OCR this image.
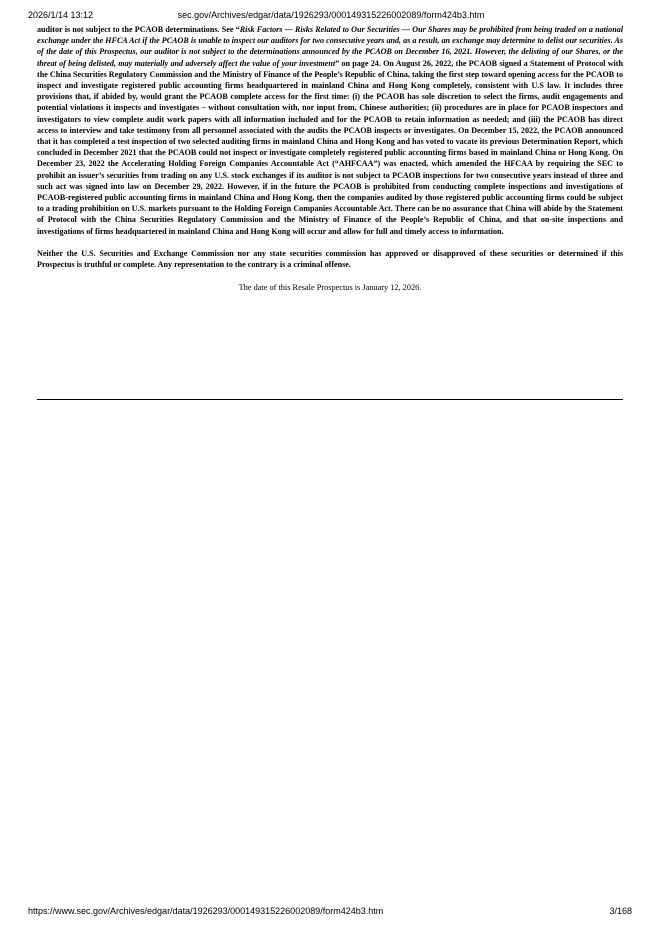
2026/1/14 13:12	sec.gov/Archives/edgar/data/1926293/000149315226002089/form424b3.htm

auditor is not subject to the PCAOB determinations. See “Risk Factors — Risks Related to Our Securities — Our Shares may be prohibited from being traded on a national exchange under the HFCA Act if the PCAOB is unable to inspect our auditors for two consecutive years and, as a result, an exchange may determine to delist our securities. As of the date of this Prospectus, our auditor is not subject to the determinations announced by the PCAOB on December 16, 2021. However, the delisting of our Shares, or the threat of being delisted, may materially and adversely affect the value of your investment” on page 24. On August 26, 2022, the PCAOB signed a Statement of Protocol with the China Securities Regulatory Commission and the Ministry of Finance of the People’s Republic of China, taking the first step toward opening access for the PCAOB to inspect and investigate registered public accounting firms headquartered in mainland China and Hong Kong completely, consistent with U.S law. It includes three provisions that, if abided by, would grant the PCAOB complete access for the first time: (i) the PCAOB has sole discretion to select the firms, audit engagements and potential violations it inspects and investigates – without consultation with, nor input from, Chinese authorities; (ii) procedures are in place for PCAOB inspectors and investigators to view complete audit work papers with all information included and for the PCAOB to retain information as needed; and (iii) the PCAOB has direct access to interview and take testimony from all personnel associated with the audits the PCAOB inspects or investigates. On December 15, 2022, the PCAOB announced that it has completed a test inspection of two selected auditing firms in mainland China and Hong Kong and has voted to vacate its previous Determination Report, which concluded in December 2021 that the PCAOB could not inspect or investigate completely registered public accounting firms based in mainland China or Hong Kong. On December 23, 2022 the Accelerating Holding Foreign Companies Accountable Act (“AHFCAA”) was enacted, which amended the HFCAA by requiring the SEC to prohibit an issuer’s securities from trading on any U.S. stock exchanges if its auditor is not subject to PCAOB inspections for two consecutive years instead of three and such act was signed into law on December 29, 2022. However, if in the future the PCAOB is prohibited from conducting complete inspections and investigations of PCAOB-registered public accounting firms in mainland China and Hong Kong, then the companies audited by those registered public accounting firms could be subject to a trading prohibition on U.S. markets pursuant to the Holding Foreign Companies Accountable Act. There can be no assurance that China will abide by the Statement of Protocol with the China Securities Regulatory Commission and the Ministry of Finance of the People’s Republic of China, and that on-site inspections and investigations of firms headquartered in mainland China and Hong Kong will occur and allow for full and timely access to information.

Neither the U.S. Securities and Exchange Commission nor any state securities commission has approved or disapproved of these securities or determined if this Prospectus is truthful or complete. Any representation to the contrary is a criminal offense.

The date of this Resale Prospectus is January 12, 2026.

https://www.sec.gov/Archives/edgar/data/1926293/000149315226002089/form424b3.htm	3/168
